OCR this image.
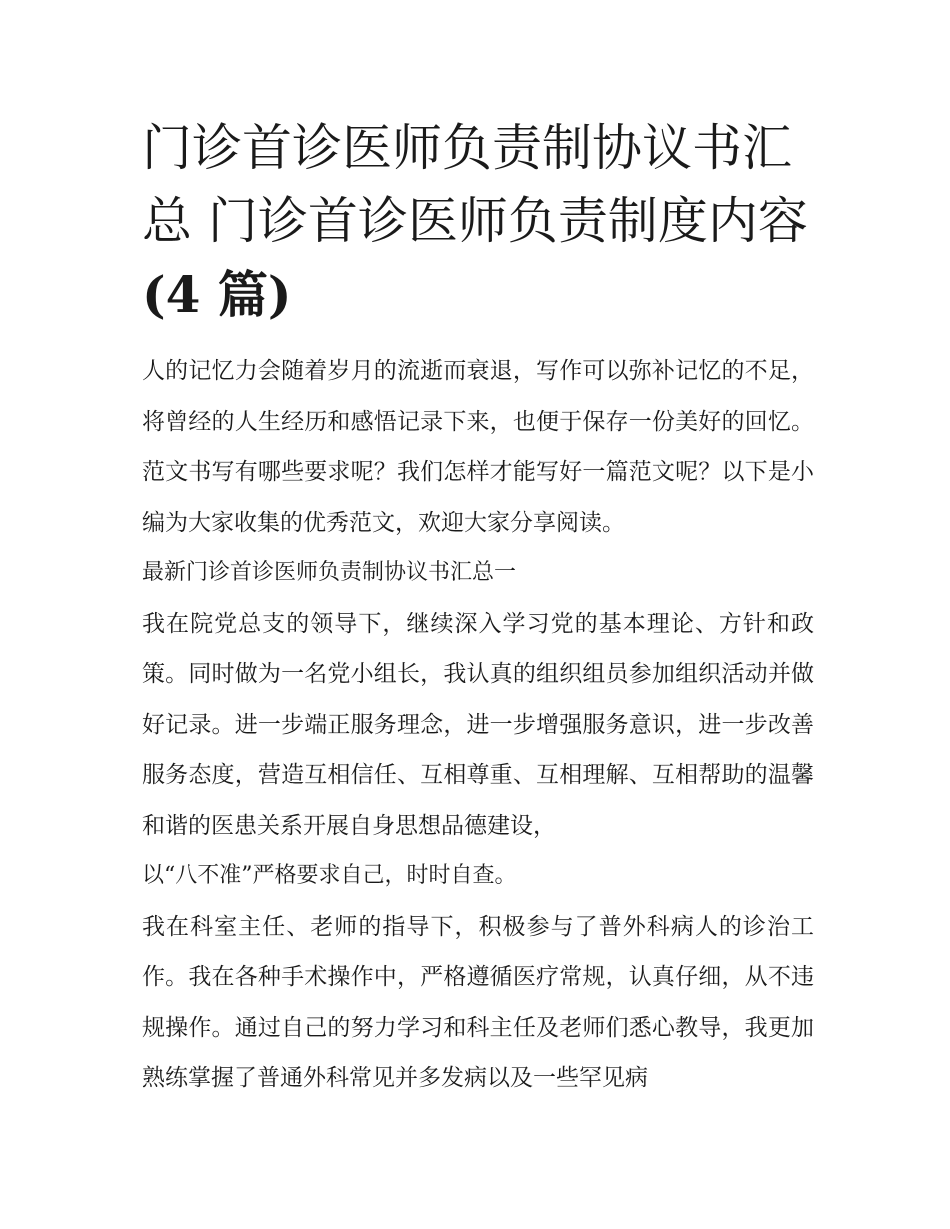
门诊首诊医师负责制协议书汇总 门诊首诊医师负责制度内容
(4 篇)

人的记忆力会随着岁月的流逝而衰退，写作可以弥补记忆的不足，将曾经的人生经历和感悟记录下来，也便于保存一份美好的回忆。范文书写有哪些要求呢？我们怎样才能写好一篇范文呢？以下是小编为大家收集的优秀范文，欢迎大家分享阅读。

最新门诊首诊医师负责制协议书汇总一

我在院党总支的领导下，继续深入学习党的基本理论、方针和政策。同时做为一名党小组长，我认真的组织组员参加组织活动并做好记录。进一步端正服务理念，进一步增强服务意识，进一步改善服务态度，营造互相信任、互相尊重、互相理解、互相帮助的温馨和谐的医患关系开展自身思想品德建设，

以“八不准”严格要求自己，时时自查。

我在科室主任、老师的指导下，积极参与了普外科病人的诊治工作。我在各种手术操作中，严格遵循医疗常规，认真仔细，从不违规操作。通过自己的努力学习和科主任及老师们悉心教导，我更加熟练掌握了普通外科常见并多发病以及一些罕见病
